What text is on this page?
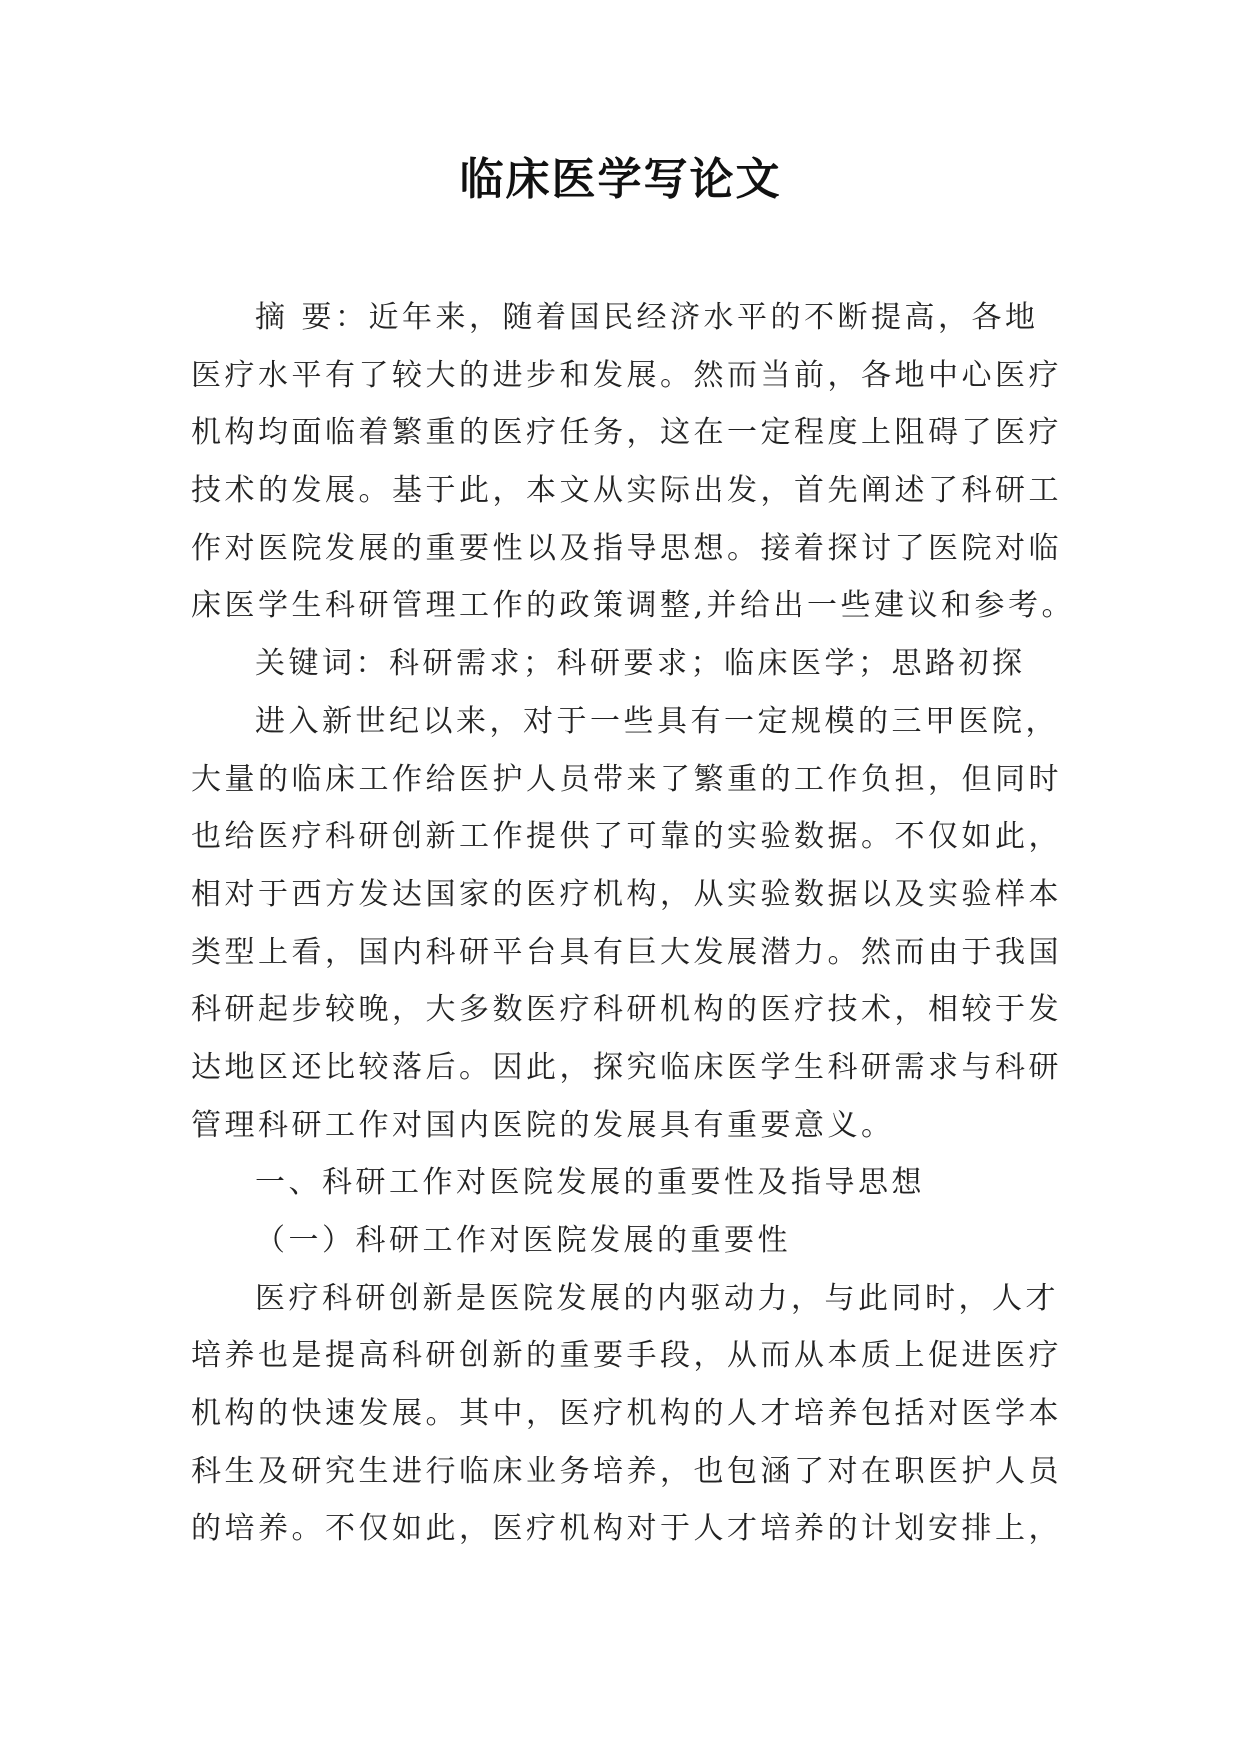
临床医学写论文
摘 要：近年来，随着国民经济水平的不断提高，各地
医疗水平有了较大的进步和发展。然而当前，各地中心医疗
机构均面临着繁重的医疗任务，这在一定程度上阻碍了医疗
技术的发展。基于此，本文从实际出发，首先阐述了科研工
作对医院发展的重要性以及指导思想。接着探讨了医院对临
床医学生科研管理工作的政策调整,并给出一些建议和参考。
关键词：科研需求；科研要求；临床医学；思路初探
进入新世纪以来，对于一些具有一定规模的三甲医院，
大量的临床工作给医护人员带来了繁重的工作负担，但同时
也给医疗科研创新工作提供了可靠的实验数据。不仅如此，
相对于西方发达国家的医疗机构，从实验数据以及实验样本
类型上看，国内科研平台具有巨大发展潜力。然而由于我国
科研起步较晚，大多数医疗科研机构的医疗技术，相较于发
达地区还比较落后。因此，探究临床医学生科研需求与科研
管理科研工作对国内医院的发展具有重要意义。
一、科研工作对医院发展的重要性及指导思想
（一）科研工作对医院发展的重要性
医疗科研创新是医院发展的内驱动力，与此同时，人才
培养也是提高科研创新的重要手段，从而从本质上促进医疗
机构的快速发展。其中，医疗机构的人才培养包括对医学本
科生及研究生进行临床业务培养，也包涵了对在职医护人员
的培养。不仅如此，医疗机构对于人才培养的计划安排上，
